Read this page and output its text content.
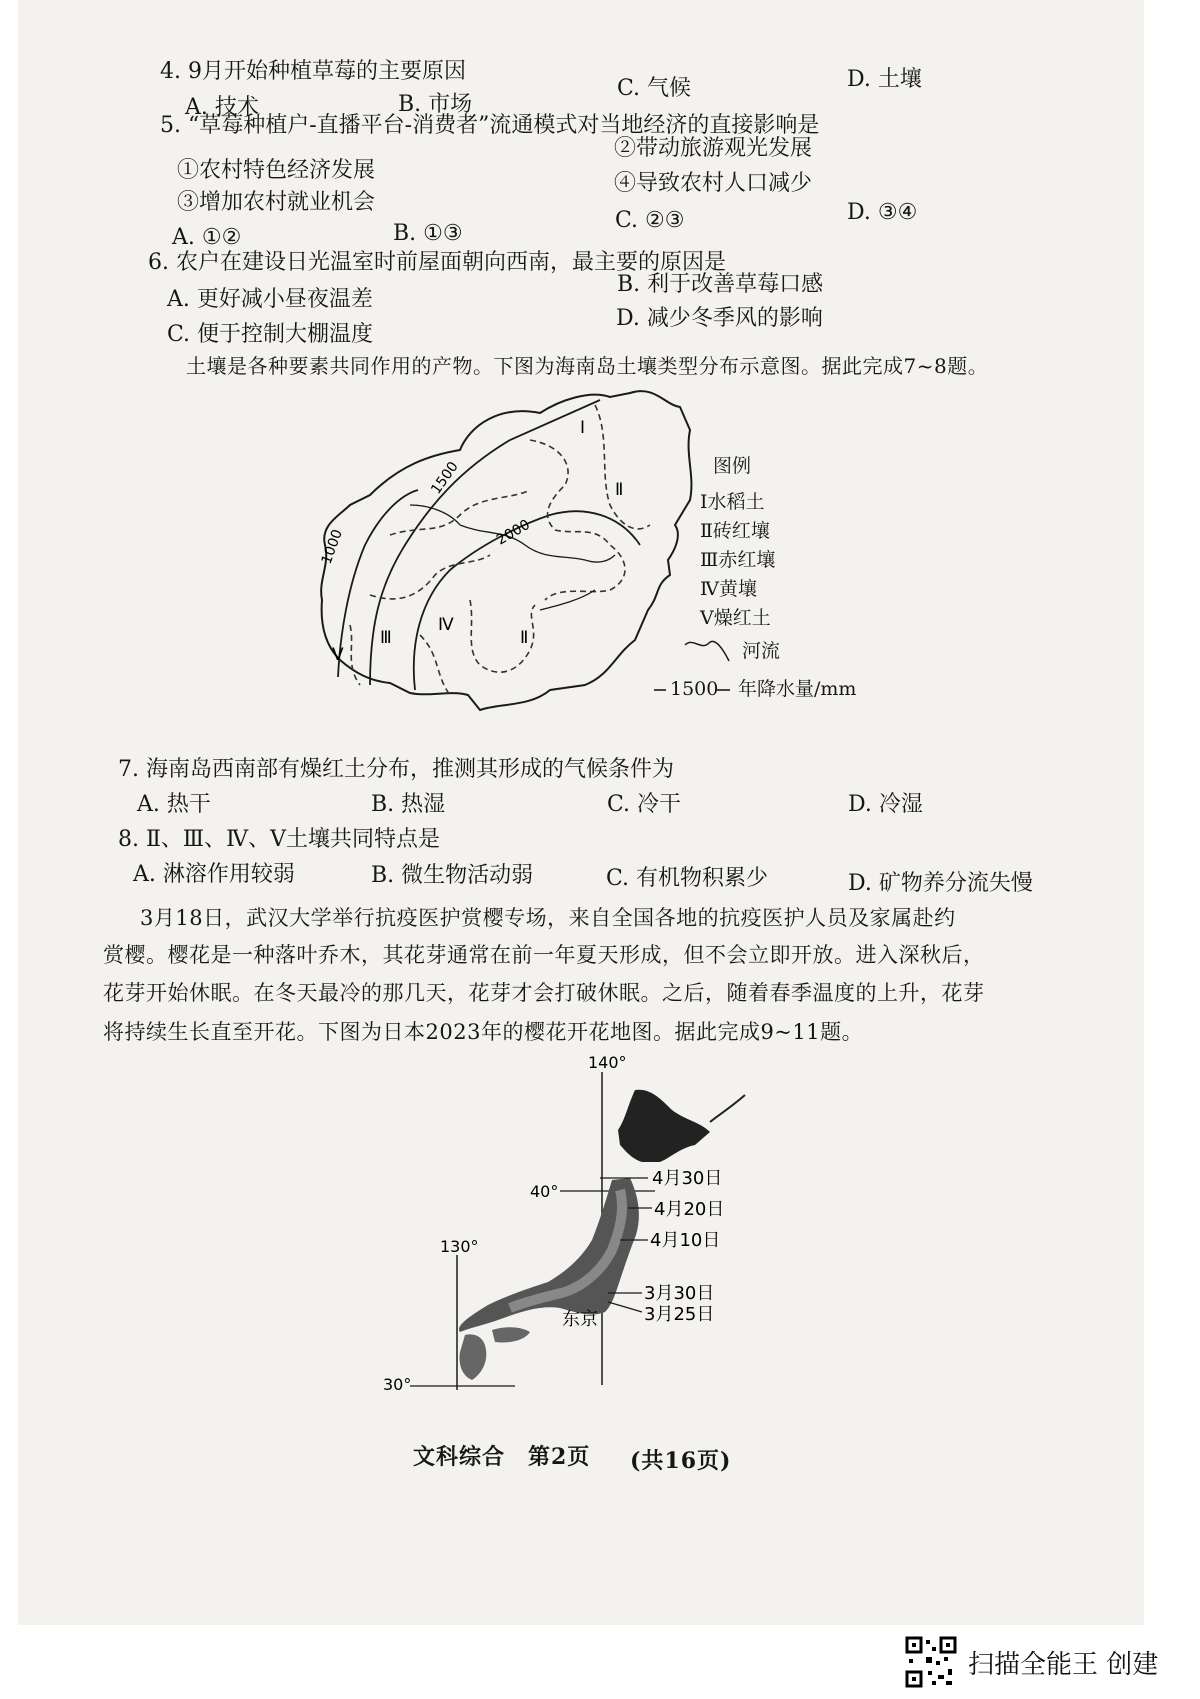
4. 9月开始种植草莓的主要原因
A. 技术	B. 市场
C. 气候	D. 土壤
5. “草莓种植户-直播平台-消费者”流通模式对当地经济的直接影响是
①农村特色经济发展
②带动旅游观光发展
③增加农村就业机会
④导致农村人口减少
A. ①②	B. ①③
C. ②③	D. ③④
6. 农户在建设日光温室时前屋面朝向西南，最主要的原因是
A. 更好减小昼夜温差
B. 利于改善草莓口感
C. 便于控制大棚温度
D. 减少冬季风的影响
土壤是各种要素共同作用的产物。下图为海南岛土壤类型分布示意图。据此完成7~8题。
1000
1500
2000
Ⅰ
Ⅱ
Ⅲ
Ⅳ
Ⅱ
Ⅴ
图例
Ⅰ水稻土
Ⅱ砖红壤
Ⅲ赤红壤
Ⅳ黄壤
Ⅴ燥红土
河流
1500 年降水量/mm
7. 海南岛西南部有燥红土分布，推测其形成的气候条件为
A. 热干	B. 热湿	C. 冷干	D. 冷湿
8. Ⅱ、Ⅲ、Ⅳ、Ⅴ土壤共同特点是
A. 淋溶作用较弱	B. 微生物活动弱	C. 有机物积累少	D. 矿物养分流失慢
3月18日，武汉大学举行抗疫医护赏樱专场，来自全国各地的抗疫医护人员及家属赴约
赏樱。樱花是一种落叶乔木，其花芽通常在前一年夏天形成，但不会立即开放。进入深秋后，
花芽开始休眠。在冬天最冷的那几天，花芽才会打破休眠。之后，随着春季温度的上升，花芽
将持续生长直至开花。下图为日本2023年的樱花开花地图。据此完成9~11题。
140°
130°
40°
30°
4月30日
4月20日
4月10日
3月30日
3月25日
东京
文科综合 第2页 (共16页)
扫描全能王 创建
